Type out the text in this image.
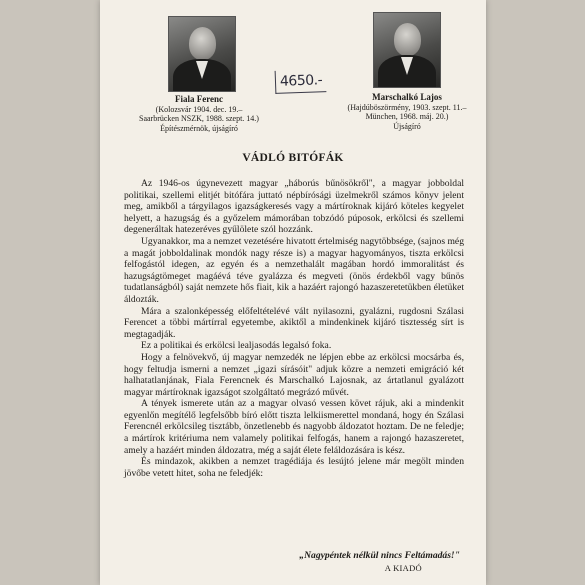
Fiala Ferenc
(Kolozsvár 1904. dec. 19.–
Saarbrücken NSZK, 1988. szept. 14.)
Építészmérnök, újságíró
Marschalkó Lajos
(Hajdúböszörmény, 1903. szept. 11.–
München, 1968. máj. 20.)
Újságíró
4650.-
VÁDLÓ BITÓFÁK

Az 1946-os úgynevezett magyar „háborús bűnösökről", a magyar jobboldal politikai, szellemi elitjét bitófára juttató népbírósági üzelmekről számos könyv jelent meg, amikből a tárgyilagos igazságkeresés vagy a mártíroknak kijáró köteles kegyelet helyett, a hazugság és a győzelem mámorában tobzódó púposok, erkölcsi és szellemi degeneráltak hatezeréves gyűlölete szól hozzánk.

Ugyanakkor, ma a nemzet vezetésére hivatott értelmiség nagytöbbsége, (sajnos még a magát jobboldalinak mondók nagy része is) a magyar hagyományos, tiszta erkölcsi felfogástól idegen, az egyén és a nemzethalált magában hordó immoralitást és hazugságtömeget magáévá téve gyalázza és megveti (önös érdekből vagy bűnös tudatlanságból) saját nemzete hős fiait, kik a hazáért rajongó hazaszeretetükben életüket áldozták.

Mára a szalonképesség előfeltételévé vált nyilasozni, gyalázni, rugdosni Szálasi Ferencet a többi mártírral egyetembe, akiktől a mindenkinek kijáró tisztesség sírt is megtagadják.

Ez a politikai és erkölcsi lealjasodás legalsó foka.

Hogy a felnövekvő, új magyar nemzedék ne lépjen ebbe az erkölcsi mocsárba és, hogy feltudja ismerni a nemzet „igazi sírásóit" adjuk közre a nemzeti emigráció két halhatatlanjának, Fiala Ferencnek és Marschalkó Lajosnak, az ártatlanul gyalázott magyar mártíroknak igazságot szolgáltató megrázó művét.

A tények ismerete után az a magyar olvasó vessen követ rájuk, aki a mindenkit egyenlőn megítélő legfelsőbb bíró előtt tiszta lelkiismerettel mondaná, hogy én Szálasi Ferencnél erkölcsileg tisztább, önzetlenebb és nagyobb áldozatot hoztam. De ne feledje; a mártírok kritériuma nem valamely politikai felfogás, hanem a rajongó hazaszeretet, amely a hazáért minden áldozatra, még a saját élete feláldozására is kész.

És mindazok, akikben a nemzet tragédiája és lesújtó jelene már megölt minden jövőbe vetett hitet, soha ne feledjék:

„Nagypéntek nélkül nincs Feltámadás!"
A KIADÓ
